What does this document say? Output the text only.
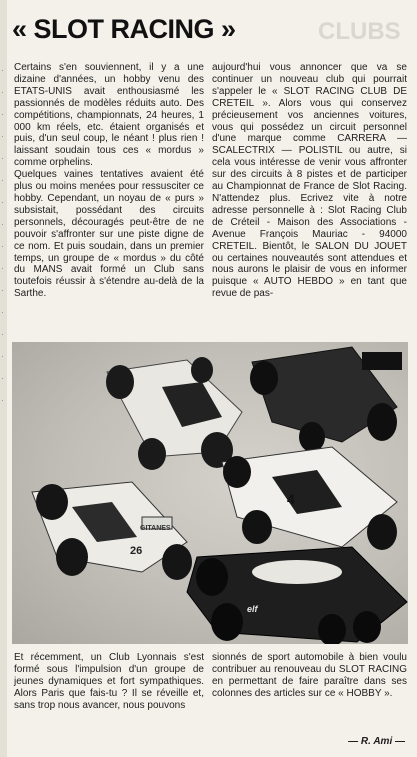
· · · · · · · · · · · · · · · ·
« SLOT RACING »	CLUBS

Certains s'en souviennent, il y a une dizaine d'années, un hobby venu des ETATS-UNIS avait enthousiasmé les passionnés de modèles réduits auto. Des compétitions, championnats, 24 heures, 1 000 km réels, etc. étaient organisés et puis, d'un seul coup, le néant ! plus rien ! laissant soudain tous ces « mordus » comme orphelins.

Quelques vaines tentatives avaient été plus ou moins menées pour ressusciter ce hobby. Cependant, un noyau de « purs » subsistait, possédant des circuits personnels, découragés peut-être de ne pouvoir s'affronter sur une piste digne de ce nom. Et puis soudain, dans un premier temps, un groupe de « mordus » du côté du MANS avait formé un Club sans toutefois réussir à s'étendre au-delà de la Sarthe.

aujourd'hui vous annoncer que va se continuer un nouveau club qui pourrait s'appeler le « SLOT RACING CLUB DE CRETEIL ». Alors vous qui conservez précieusement vos anciennes voitures, vous qui possédez un circuit personnel d'une marque comme CARRERA — SCALECTRIX — POLISTIL ou autre, si cela vous intéresse de venir vous affronter sur des circuits à 8 pistes et de participer au Championnat de France de Slot Racing. N'attendez plus. Ecrivez vite à notre adresse personnelle à : Slot Racing Club de Créteil - Maison des Associations - Avenue François Mauriac - 94000 CRETEIL. Bientôt, le SALON DU JOUET ou certaines nouveautés sont attendues et nous aurons le plaisir de vous en informer puisque « AUTO HEBDO » en tant que revue de pas-

26
GITANES
4
elf

Et récemment, un Club Lyonnais s'est formé sous l'impulsion d'un groupe de jeunes dynamiques et fort sympathiques. Alors Paris que fais-tu ? Il se réveille et, sans trop nous avancer, nous pouvons

sionnés de sport automobile à bien voulu contribuer au renouveau du SLOT RACING en permettant de faire paraître dans ses colonnes des articles sur ce « HOBBY ».

— R. Ami —
